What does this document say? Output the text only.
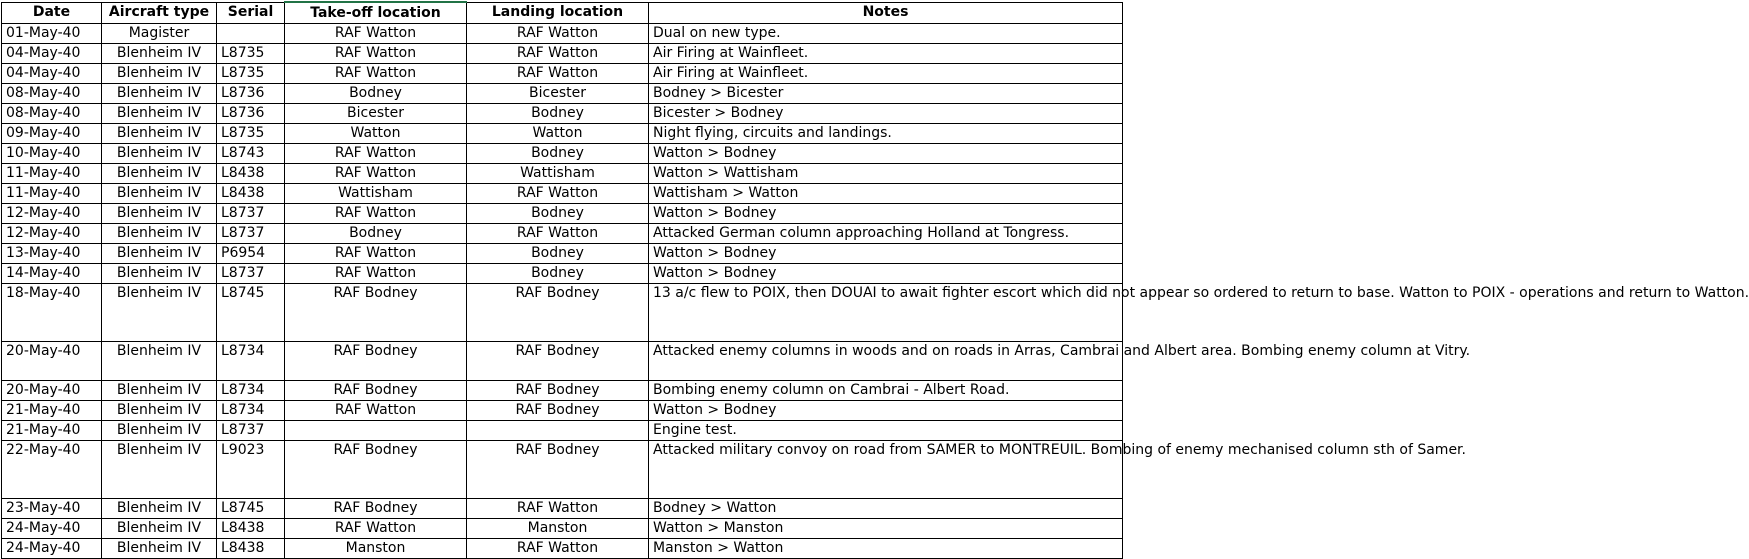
Date	Aircraft type	Serial	Take-off location	Landing location	Notes
01-May-40	Magister		RAF Watton	RAF Watton	Dual on new type.
04-May-40	Blenheim IV	L8735	RAF Watton	RAF Watton	Air Firing at Wainfleet.
04-May-40	Blenheim IV	L8735	RAF Watton	RAF Watton	Air Firing at Wainfleet.
08-May-40	Blenheim IV	L8736	Bodney	Bicester	Bodney > Bicester
08-May-40	Blenheim IV	L8736	Bicester	Bodney	Bicester > Bodney
09-May-40	Blenheim IV	L8735	Watton	Watton	Night flying, circuits and landings.
10-May-40	Blenheim IV	L8743	RAF Watton	Bodney	Watton > Bodney
11-May-40	Blenheim IV	L8438	RAF Watton	Wattisham	Watton > Wattisham
11-May-40	Blenheim IV	L8438	Wattisham	RAF Watton	Wattisham > Watton
12-May-40	Blenheim IV	L8737	RAF Watton	Bodney	Watton > Bodney
12-May-40	Blenheim IV	L8737	Bodney	RAF Watton	Attacked German column approaching Holland at Tongress.
13-May-40	Blenheim IV	P6954	RAF Watton	Bodney	Watton > Bodney
14-May-40	Blenheim IV	L8737	RAF Watton	Bodney	Watton > Bodney
18-May-40	Blenheim IV	L8745	RAF Bodney	RAF Bodney	13 a/c flew to POIX, then DOUAI to await fighter escort which did not appear so ordered to return to base. Watton to POIX - operations and return to Watton.
20-May-40	Blenheim IV	L8734	RAF Bodney	RAF Bodney	Attacked enemy columns in woods and on roads in Arras, Cambrai and Albert area. Bombing enemy column at Vitry.
20-May-40	Blenheim IV	L8734	RAF Bodney	RAF Bodney	Bombing enemy column on Cambrai - Albert Road.
21-May-40	Blenheim IV	L8734	RAF Watton	RAF Bodney	Watton > Bodney
21-May-40	Blenheim IV	L8737			Engine test.
22-May-40	Blenheim IV	L9023	RAF Bodney	RAF Bodney	Attacked military convoy on road from SAMER to MONTREUIL. Bombing of enemy mechanised column sth of Samer.
23-May-40	Blenheim IV	L8745	RAF Bodney	RAF Watton	Bodney > Watton
24-May-40	Blenheim IV	L8438	RAF Watton	Manston	Watton > Manston
24-May-40	Blenheim IV	L8438	Manston	RAF Watton	Manston > Watton
